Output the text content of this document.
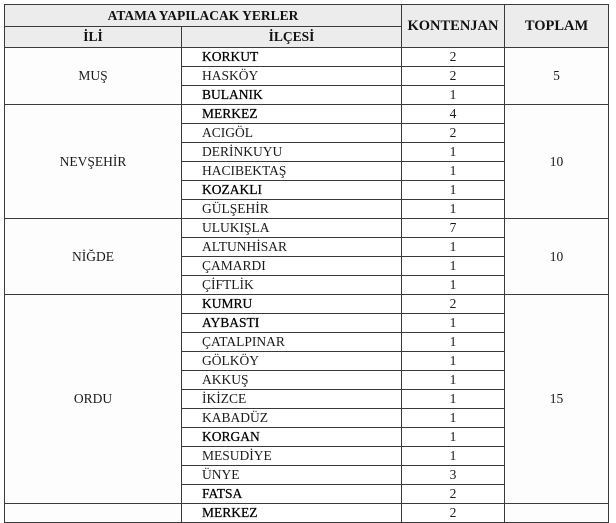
ATAMA YAPILACAK YERLER		KONTENJAN	TOPLAM
İLİ	İLÇESİ		
MUŞ	KORKUT	2	5
	HASKÖY	2	
	BULANIK	1	
NEVŞEHİR	MERKEZ	4	10
	ACIGÖL	2	
	DERİNKUYU	1	
	HACIBEKTAŞ	1	
	KOZAKLI	1	
	GÜLŞEHİR	1	
NİĞDE	ULUKIŞLA	7	10
	ALTUNHİSAR	1	
	ÇAMARDI	1	
	ÇİFTLİK	1	
ORDU	KUMRU	2	15
	AYBASTI	1	
	ÇATALPINAR	1	
	GÖLKÖY	1	
	AKKUŞ	1	
	İKİZCE	1	
	KABADÜZ	1	
	KORGAN	1	
	MESUDİYE	1	
	ÜNYE	3	
	FATSA	2	
	MERKEZ	2	
